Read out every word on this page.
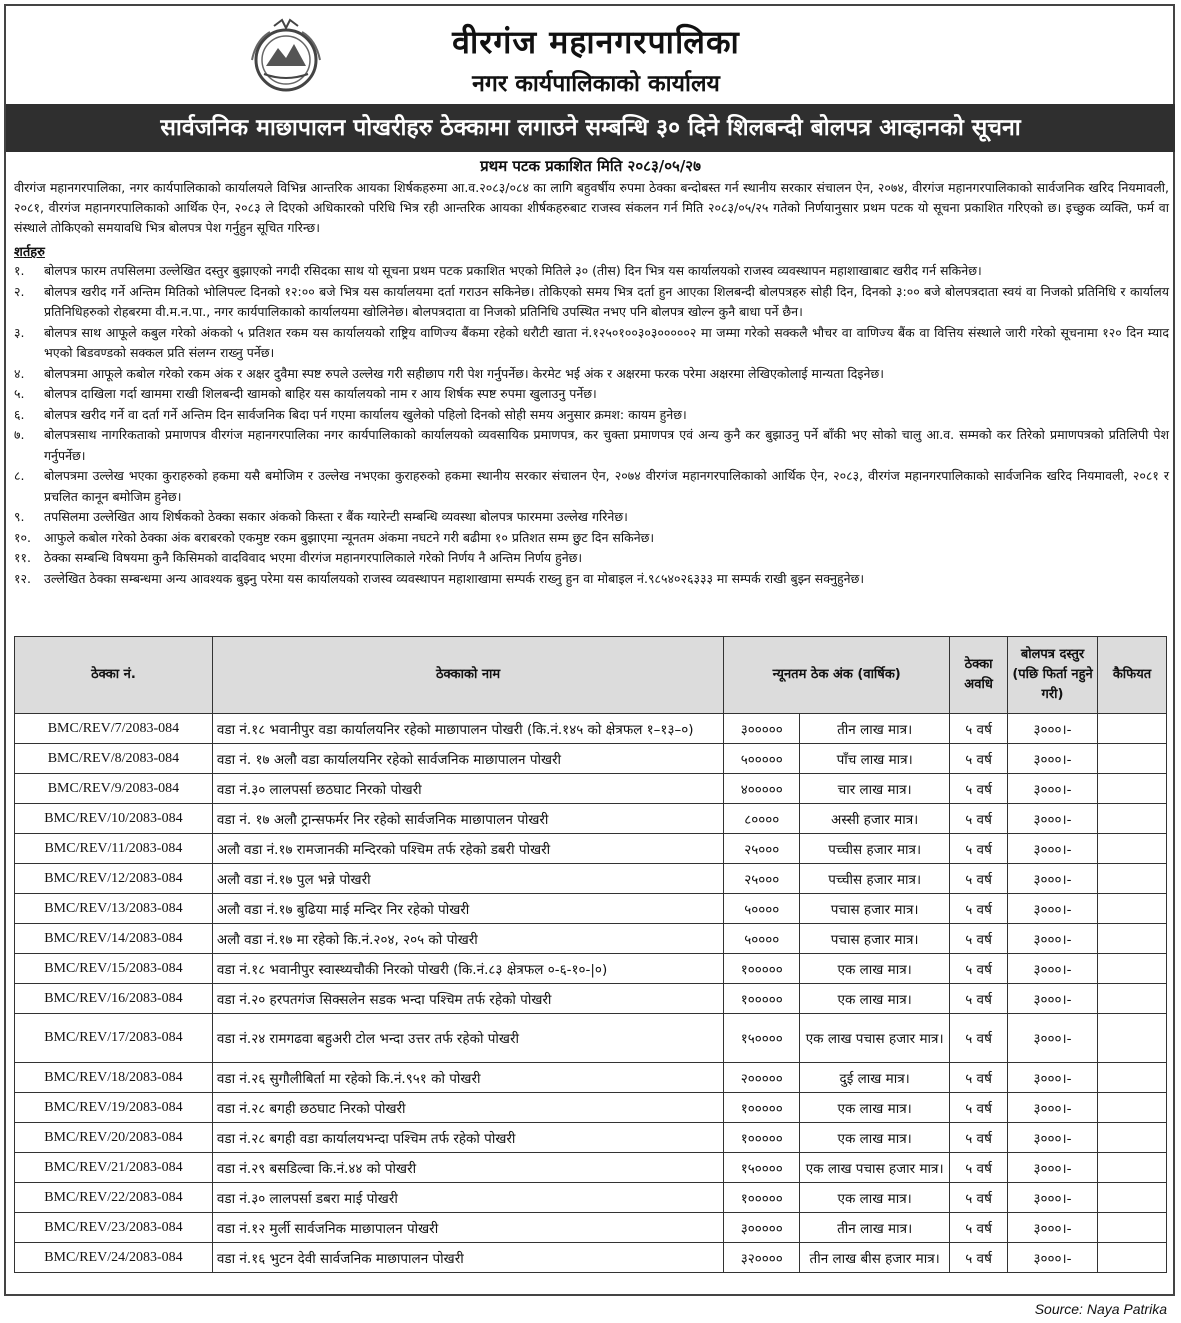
वीरगंज महानगरपालिका
नगर कार्यपालिकाको कार्यालय
सार्वजनिक माछापालन पोखरीहरु ठेक्कामा लगाउने सम्बन्धि ३० दिने शिलबन्दी बोलपत्र आव्हानको सूचना
प्रथम पटक प्रकाशित मिति २०८३/०५/२७
वीरगंज महानगरपालिका, नगर कार्यपालिकाको कार्यालयले विभिन्न आन्तरिक आयका शिर्षकहरुमा आ.व.२०८३/०८४ का लागि बहुवर्षीय रुपमा ठेक्का बन्दोबस्त गर्न स्थानीय सरकार संचालन ऐन, २०७४, वीरगंज महानगरपालिकाको सार्वजनिक खरिद नियमावली, २०८१, वीरगंज महानगरपालिकाको आर्थिक ऐन, २०८३ ले दिएको अधिकारको परिधि भित्र रही आन्तरिक आयका शीर्षकहरुबाट राजस्व संकलन गर्न मिति २०८३/०५/२५ गतेको निर्णयानुसार प्रथम पटक यो सूचना प्रकाशित गरिएको छ। इच्छुक व्यक्ति, फर्म वा संस्थाले तोकिएको समयावधि भित्र बोलपत्र पेश गर्नुहुन सूचित गरिन्छ।
शर्तहरु
१.	बोलपत्र फारम तपसिलमा उल्लेखित दस्तुर बुझाएको नगदी रसिदका साथ यो सूचना प्रथम पटक प्रकाशित भएको मितिले ३० (तीस) दिन भित्र यस कार्यालयको राजस्व व्यवस्थापन महाशाखाबाट खरीद गर्न सकिनेछ।
२.	बोलपत्र खरीद गर्ने अन्तिम मितिको भोलिपल्ट दिनको १२:०० बजे भित्र यस कार्यालयमा दर्ता गराउन सकिनेछ। तोकिएको समय भित्र दर्ता हुन आएका शिलबन्दी बोलपत्रहरु सोही दिन, दिनको ३:०० बजे बोलपत्रदाता स्वयं वा निजको प्रतिनिधि र कार्यालय प्रतिनिधिहरुको रोहबरमा वी.म.न.पा., नगर कार्यपालिकाको कार्यालयमा खोलिनेछ। बोलपत्रदाता वा निजको प्रतिनिधि उपस्थित नभए पनि बोलपत्र खोल्न कुनै बाधा पर्ने छैन।
३.	बोलपत्र साथ आफूले कबुल गरेको अंकको ५ प्रतिशत रकम यस कार्यालयको राष्ट्रिय वाणिज्य बैंकमा रहेको धरौटी खाता नं.१२५०१००३०३०००००२ मा जम्मा गरेको सक्कलै भौचर वा वाणिज्य बैंक वा वित्तिय संस्थाले जारी गरेको सूचनामा १२० दिन म्याद भएको बिडवण्डको सक्कल प्रति संलग्न राख्नु पर्नेछ।
४.	बोलपत्रमा आफूले कबोल गरेको रकम अंक र अक्षर दुवैमा स्पष्ट रुपले उल्लेख गरी सहीछाप गरी पेश गर्नुपर्नेछ। केरमेट भई अंक र अक्षरमा फरक परेमा अक्षरमा लेखिएकोलाई मान्यता दिइनेछ।
५.	बोलपत्र दाखिला गर्दा खाममा राखी शिलबन्दी खामको बाहिर यस कार्यालयको नाम र आय शिर्षक स्पष्ट रुपमा खुलाउनु पर्नेछ।
६.	बोलपत्र खरीद गर्ने वा दर्ता गर्ने अन्तिम दिन सार्वजनिक बिदा पर्न गएमा कार्यालय खुलेको पहिलो दिनको सोही समय अनुसार क्रमश: कायम हुनेछ।
७.	बोलपत्रसाथ नागरिकताको प्रमाणपत्र वीरगंज महानगरपालिका नगर कार्यपालिकाको कार्यालयको व्यवसायिक प्रमाणपत्र, कर चुक्ता प्रमाणपत्र एवं अन्य कुनै कर बुझाउनु पर्ने बाँकी भए सोको चालु आ.व. सम्मको कर तिरेको प्रमाणपत्रको प्रतिलिपी पेश गर्नुपर्नेछ।
८.	बोलपत्रमा उल्लेख भएका कुराहरुको हकमा यसै बमोजिम र उल्लेख नभएका कुराहरुको हकमा स्थानीय सरकार संचालन ऐन, २०७४ वीरगंज महानगरपालिकाको आर्थिक ऐन, २०८३, वीरगंज महानगरपालिकाको सार्वजनिक खरिद नियमावली, २०८१ र प्रचलित कानून बमोजिम हुनेछ।
९.	तपसिलमा उल्लेखित आय शिर्षकको ठेक्का सकार अंकको किस्ता र बैंक ग्यारेन्टी सम्बन्धि व्यवस्था बोलपत्र फारममा उल्लेख गरिनेछ।
१०.	आफुले कबोल गरेको ठेक्का अंक बराबरको एकमुष्ट रकम बुझाएमा न्यूनतम अंकमा नघटने गरी बढीमा १० प्रतिशत सम्म छुट दिन सकिनेछ।
११.	ठेक्का सम्बन्धि विषयमा कुनै किसिमको वादविवाद भएमा वीरगंज महानगरपालिकाले गरेको निर्णय नै अन्तिम निर्णय हुनेछ।
१२.	उल्लेखित ठेक्का सम्बन्धमा अन्य आवश्यक बुझ्नु परेमा यस कार्यालयको राजस्व व्यवस्थापन महाशाखामा सम्पर्क राख्नु हुन वा मोबाइल नं.९८५४०२६३३३ मा सम्पर्क राखी बुझ्न सक्नुहुनेछ।
ठेक्का नं.	ठेक्काको नाम	न्यूनतम ठेक अंक (वार्षिक)		ठेक्का अवधि	बोलपत्र दस्तुर (पछि फिर्ता नहुने गरी)	कैफियत
BMC/REV/7/2083-084	वडा नं.१८ भवानीपुर वडा कार्यालयनिर रहेको माछापालन पोखरी (कि.नं.१४५ को क्षेत्रफल १–१३–०)	३०००००	तीन लाख मात्र।	५ वर्ष	३०००।-	
BMC/REV/8/2083-084	वडा नं. १७ अलौ वडा कार्यालयनिर रहेको सार्वजनिक माछापालन पोखरी	५०००००	पाँच लाख मात्र।	५ वर्ष	३०००।-	
BMC/REV/9/2083-084	वडा नं.३० लालपर्सा छठघाट निरको पोखरी	४०००००	चार लाख मात्र।	५ वर्ष	३०००।-	
BMC/REV/10/2083-084	वडा नं. १७ अलौ ट्रान्सफर्मर निर रहेको सार्वजनिक माछापालन पोखरी	८००००	अस्सी हजार मात्र।	५ वर्ष	३०००।-	
BMC/REV/11/2083-084	अलौ वडा नं.१७ रामजानकी मन्दिरको पश्चिम तर्फ रहेको डबरी पोखरी	२५०००	पच्चीस हजार मात्र।	५ वर्ष	३०००।-	
BMC/REV/12/2083-084	अलौ वडा नं.१७ पुल भन्ने पोखरी	२५०००	पच्चीस हजार मात्र।	५ वर्ष	३०००।-	
BMC/REV/13/2083-084	अलौ वडा नं.१७ बुढिया माई मन्दिर निर रहेको पोखरी	५००००	पचास हजार मात्र।	५ वर्ष	३०००।-	
BMC/REV/14/2083-084	अलौ वडा नं.१७ मा रहेको कि.नं.२०४, २०५ को पोखरी	५००००	पचास हजार मात्र।	५ वर्ष	३०००।-	
BMC/REV/15/2083-084	वडा नं.१८ भवानीपुर स्वास्थ्यचौकी निरको पोखरी (कि.नं.८३ क्षेत्रफल ०-६-१०-|०)	१०००००	एक लाख मात्र।	५ वर्ष	३०००।-	
BMC/REV/16/2083-084	वडा नं.२० हरपतगंज सिक्सलेन सडक भन्दा पश्चिम तर्फ रहेको पोखरी	१०००००	एक लाख मात्र।	५ वर्ष	३०००।-	
BMC/REV/17/2083-084	वडा नं.२४ रामगढवा बहुअरी टोल भन्दा उत्तर तर्फ रहेको पोखरी	१५००००	एक लाख पचास हजार मात्र।	५ वर्ष	३०००।-	
BMC/REV/18/2083-084	वडा नं.२६ सुगौलीबिर्ता मा रहेको कि.नं.९५१ को पोखरी	२०००००	दुई लाख मात्र।	५ वर्ष	३०००।-	
BMC/REV/19/2083-084	वडा नं.२८ बगही छठघाट निरको पोखरी	१०००००	एक लाख मात्र।	५ वर्ष	३०००।-	
BMC/REV/20/2083-084	वडा नं.२८ बगही वडा कार्यालयभन्दा पश्चिम तर्फ रहेको पोखरी	१०००००	एक लाख मात्र।	५ वर्ष	३०००।-	
BMC/REV/21/2083-084	वडा नं.२९ बसडिल्वा कि.नं.४४ को पोखरी	१५००००	एक लाख पचास हजार मात्र।	५ वर्ष	३०००।-	
BMC/REV/22/2083-084	वडा नं.३० लालपर्सा डबरा माई पोखरी	१०००००	एक लाख मात्र।	५ वर्ष	३०००।-	
BMC/REV/23/2083-084	वडा नं.१२ मुर्ली सार्वजनिक माछापालन पोखरी	३०००००	तीन लाख मात्र।	५ वर्ष	३०००।-	
BMC/REV/24/2083-084	वडा नं.१६ भुटन देवी सार्वजनिक माछापालन पोखरी	३२००००	तीन लाख बीस हजार मात्र।	५ वर्ष	३०००।-	
Source: Naya Patrika
